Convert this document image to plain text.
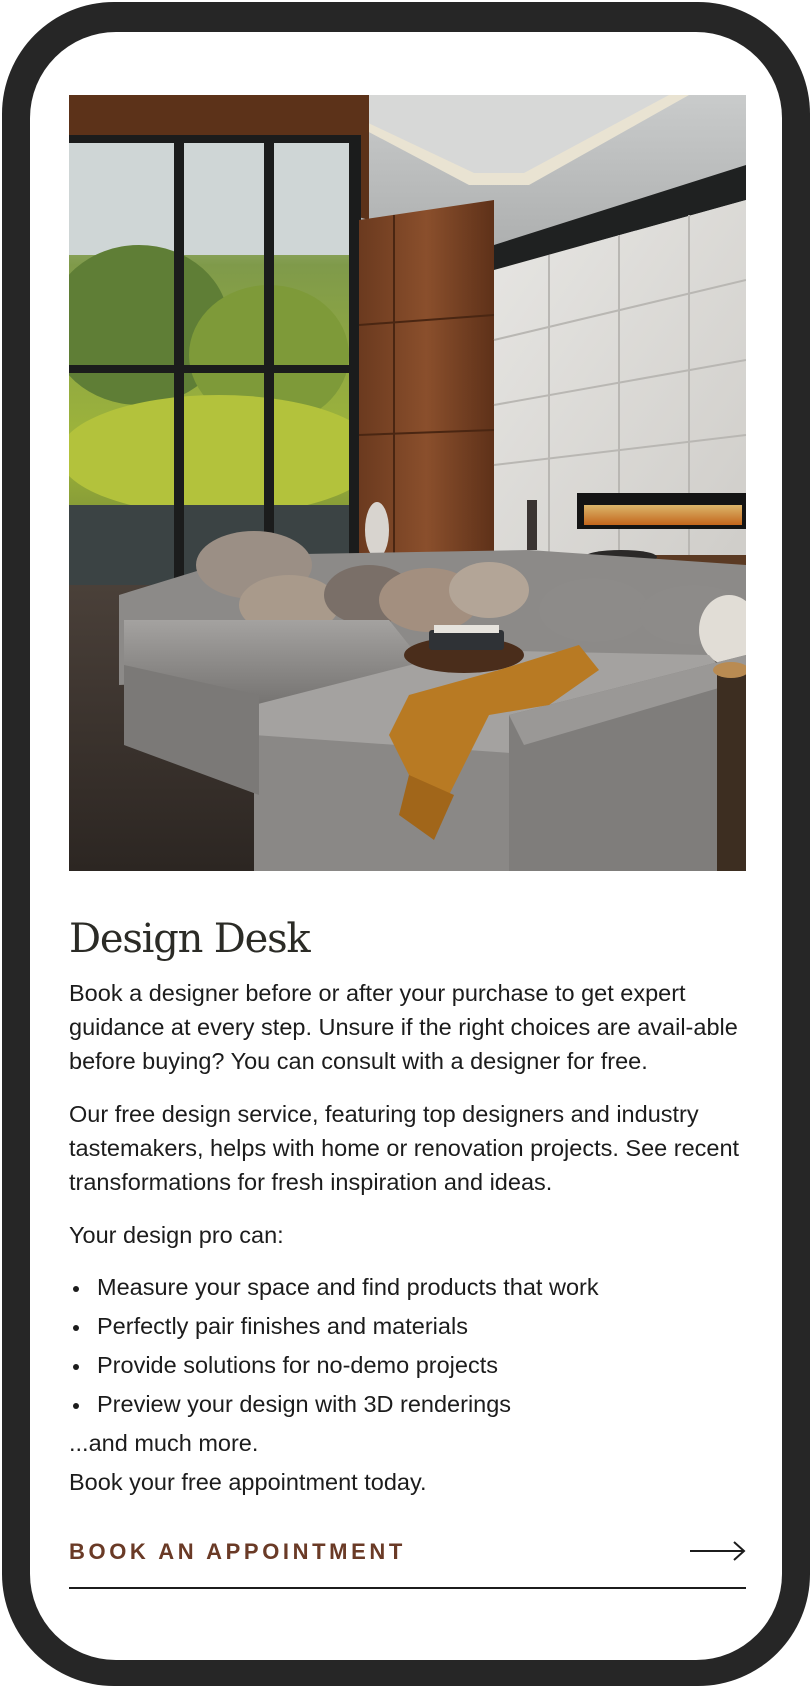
Design Desk

Book a designer before or after your purchase to get expert guidance at every step. Unsure if the right choices are avail-able before buying? You can consult with a designer for free.

Our free design service, featuring top designers and industry tastemakers, helps with home or renovation projects. See recent transformations for fresh inspiration and ideas.

Your design pro can:

Measure your space and find products that work
Perfectly pair finishes and materials
Provide solutions for no-demo projects
Preview your design with 3D renderings

...and much more.

Book your free appointment today.

BOOK AN APPOINTMENT
